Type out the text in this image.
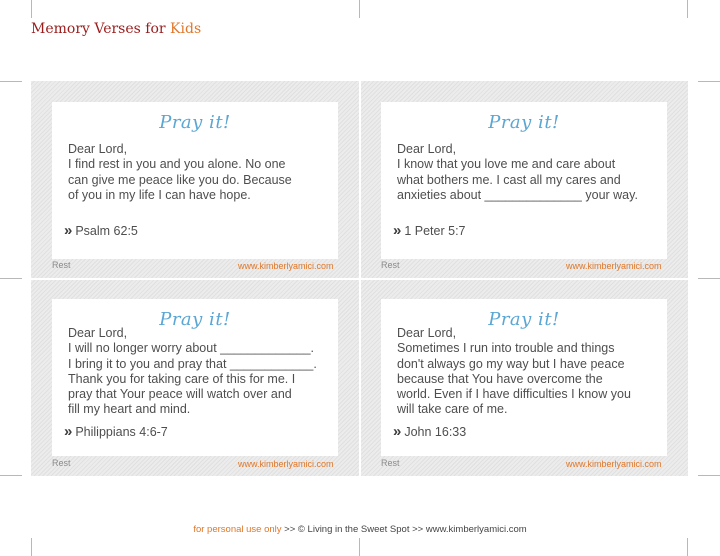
Memory Verses for Kids
Pray it!
Dear Lord,
I find rest in you and you alone. No one
can give me peace like you do. Because
of you in my life I can have hope.
» Psalm 62:5
Rest	www.kimberlyamici.com
Pray it!
Dear Lord,
I know that you love me and care about
what bothers me. I cast all my cares and
anxieties about ______________ your way.
» 1 Peter 5:7
Rest	www.kimberlyamici.com
Pray it!
Dear Lord,
I will no longer worry about _____________.
I bring it to you and pray that ____________.
Thank you for taking care of this for me. I
pray that Your peace will watch over and
fill my heart and mind.
» Philippians 4:6-7
Rest	www.kimberlyamici.com
Pray it!
Dear Lord,
Sometimes I run into trouble and things
don't always go my way but I have peace
because that You have overcome the
world. Even if I have difficulties I know you
will take care of me.
» John 16:33
Rest	www.kimberlyamici.com
for personal use only >> © Living in the Sweet Spot >> www.kimberlyamici.com
